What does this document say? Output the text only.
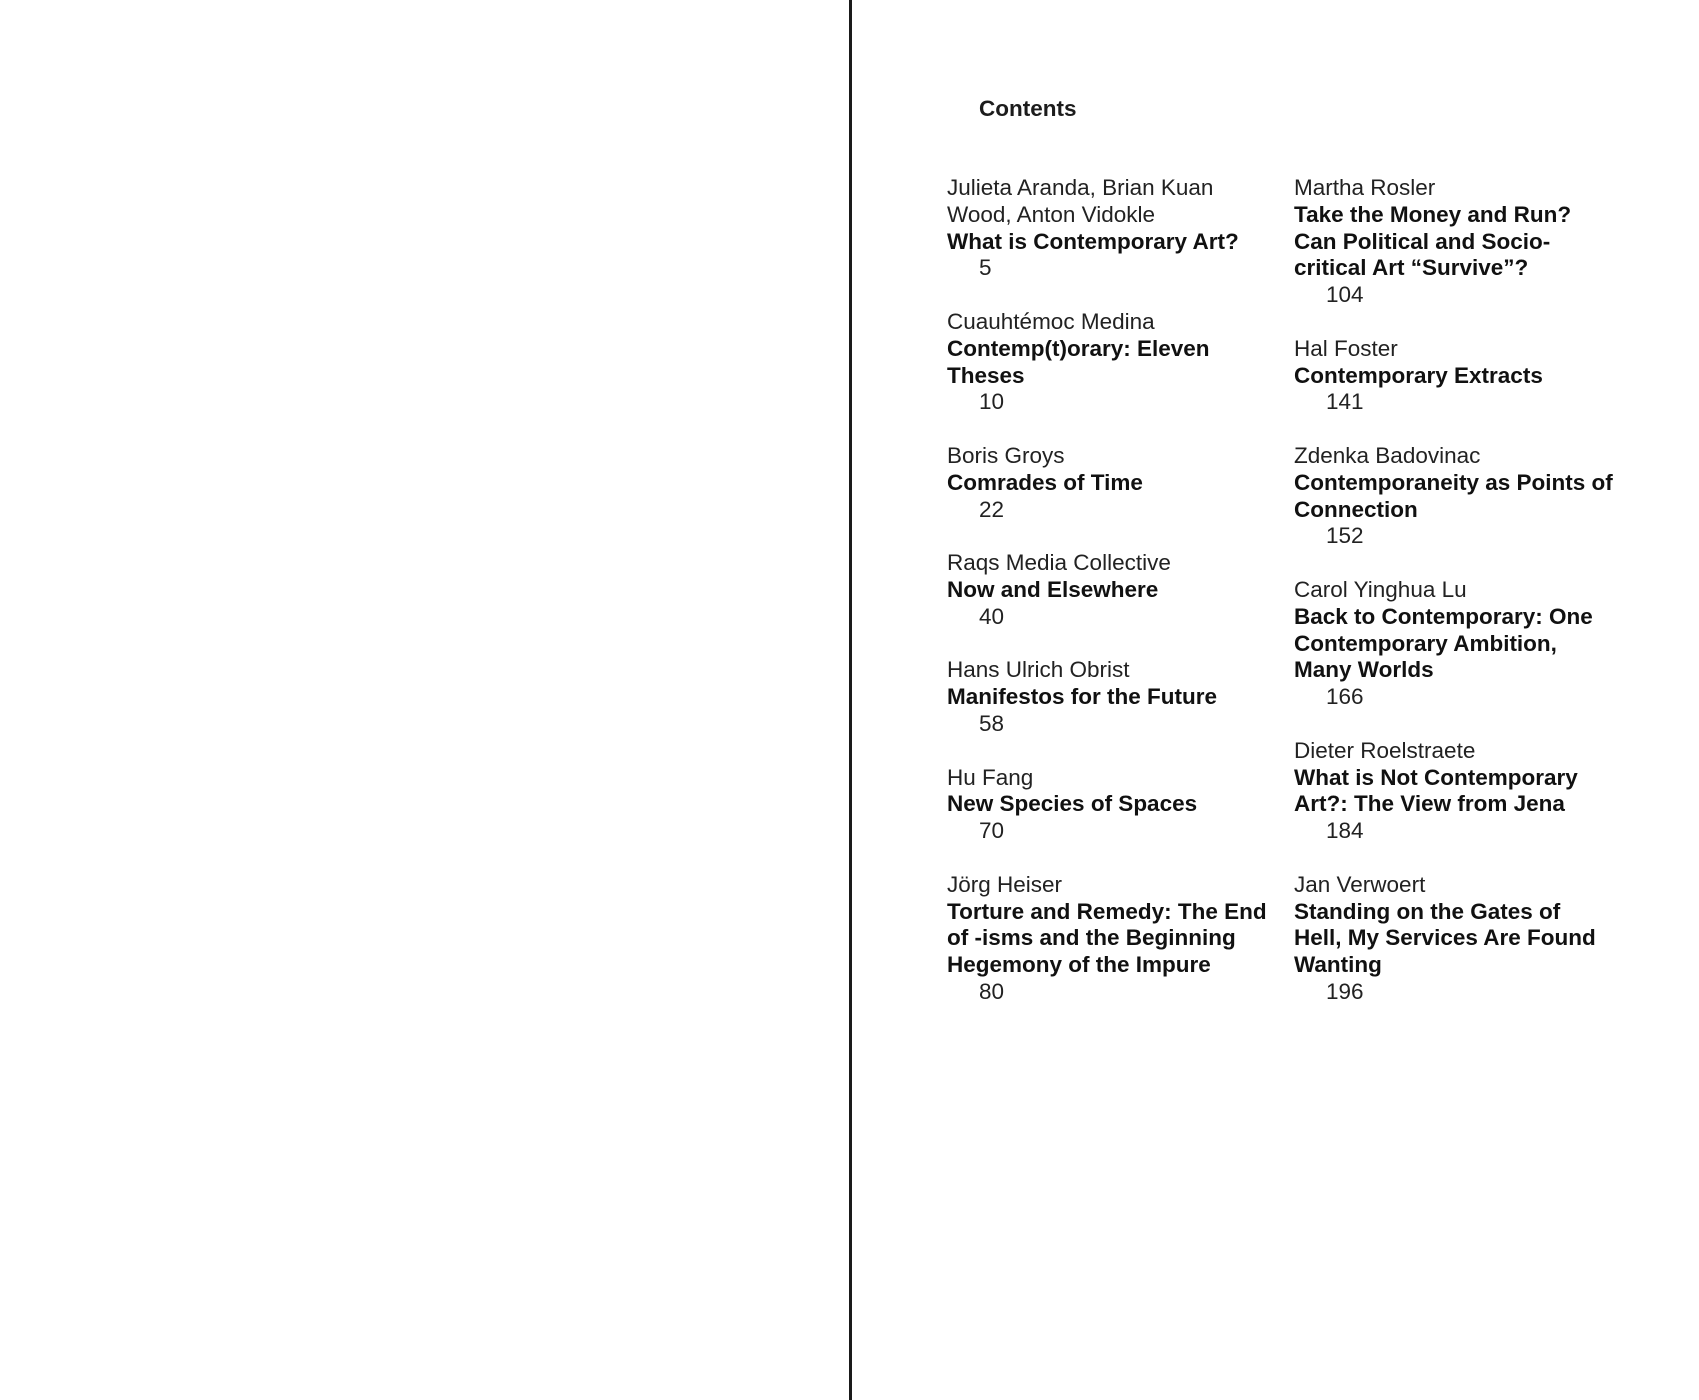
Contents
Julieta Aranda, Brian Kuan Wood, Anton Vidokle
What is Contemporary Art?
5
Cuauhtémoc Medina
Contemp(t)orary: Eleven Theses
10
Boris Groys
Comrades of Time
22
Raqs Media Collective
Now and Elsewhere
40
Hans Ulrich Obrist
Manifestos for the Future
58
Hu Fang
New Species of Spaces
70
Jörg Heiser
Torture and Remedy: The End of -isms and the Beginning Hegemony of the Impure
80
Martha Rosler
Take the Money and Run? Can Political and Socio-critical Art “Survive”?
104
Hal Foster
Contemporary Extracts
141
Zdenka Badovinac
Contemporaneity as Points of Connection
152
Carol Yinghua Lu
Back to Contemporary: One Contemporary Ambition, Many Worlds
166
Dieter Roelstraete
What is Not Contemporary Art?: The View from Jena
184
Jan Verwoert
Standing on the Gates of Hell, My Services Are Found Wanting
196
